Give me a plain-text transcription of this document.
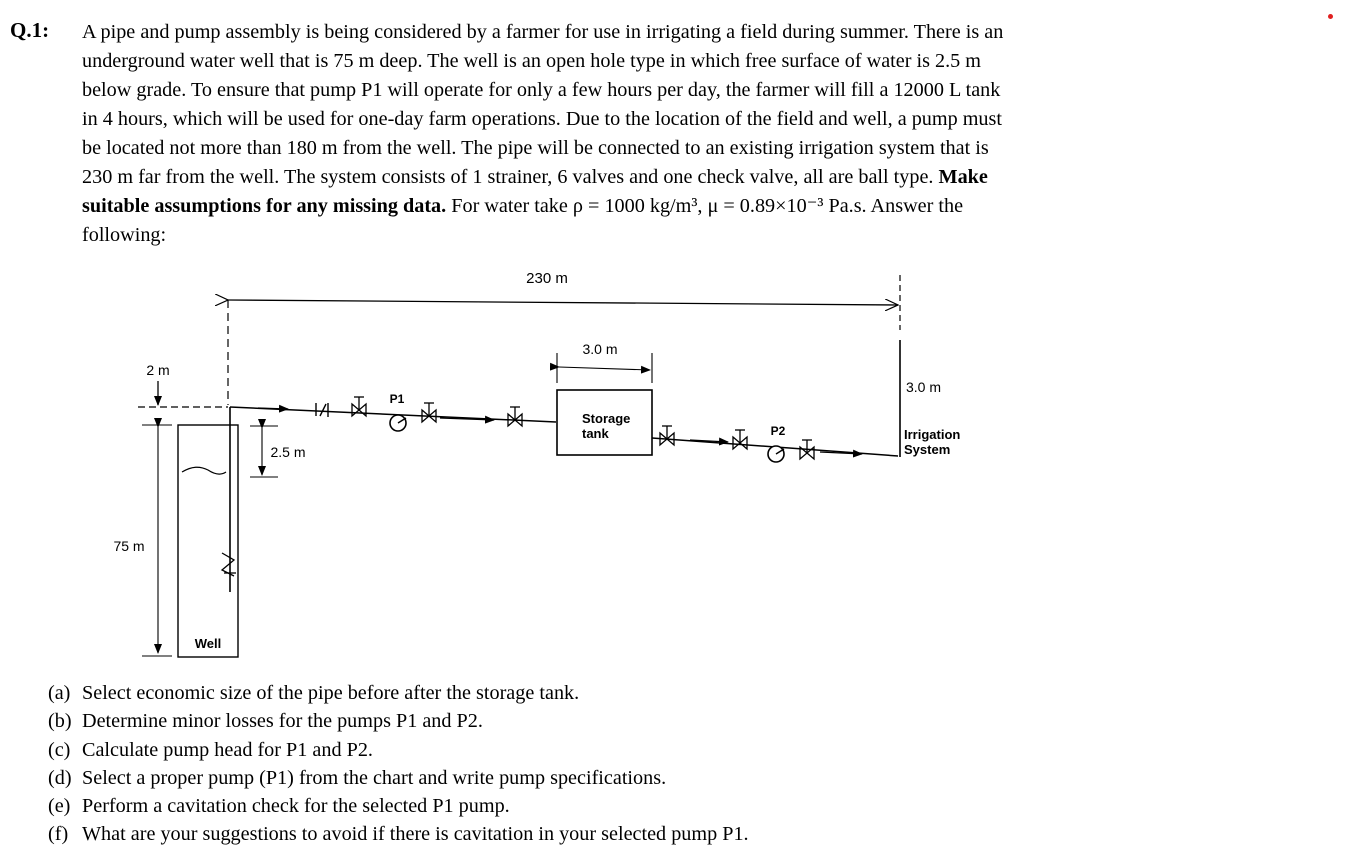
Q.1: A pipe and pump assembly is being considered by a farmer for use in irrigating a field during summer. There is an
underground water well that is 75 m deep. The well is an open hole type in which free surface of water is 2.5 m
below grade. To ensure that pump P1 will operate for only a few hours per day, the farmer will fill a 12000 L tank
in 4 hours, which will be used for one-day farm operations. Due to the location of the field and well, a pump must
be located not more than 180 m from the well. The pipe will be connected to an existing irrigation system that is
230 m far from the well. The system consists of 1 strainer, 6 valves and one check valve, all are ball type. Make
suitable assumptions for any missing data. For water take ρ = 1000 kg/m³, μ = 0.89×10⁻³ Pa.s. Answer the
following:
230 m
2 m
Well
75 m
2.5 m
P1
3.0 m
Storage
tank	P2
3.0 m
Irrigation
System
(a) Select economic size of the pipe before after the storage tank.
(b) Determine minor losses for the pumps P1 and P2.
(c) Calculate pump head for P1 and P2.
(d) Select a proper pump (P1) from the chart and write pump specifications.
(e) Perform a cavitation check for the selected P1 pump.
(f) What are your suggestions to avoid if there is cavitation in your selected pump P1.
